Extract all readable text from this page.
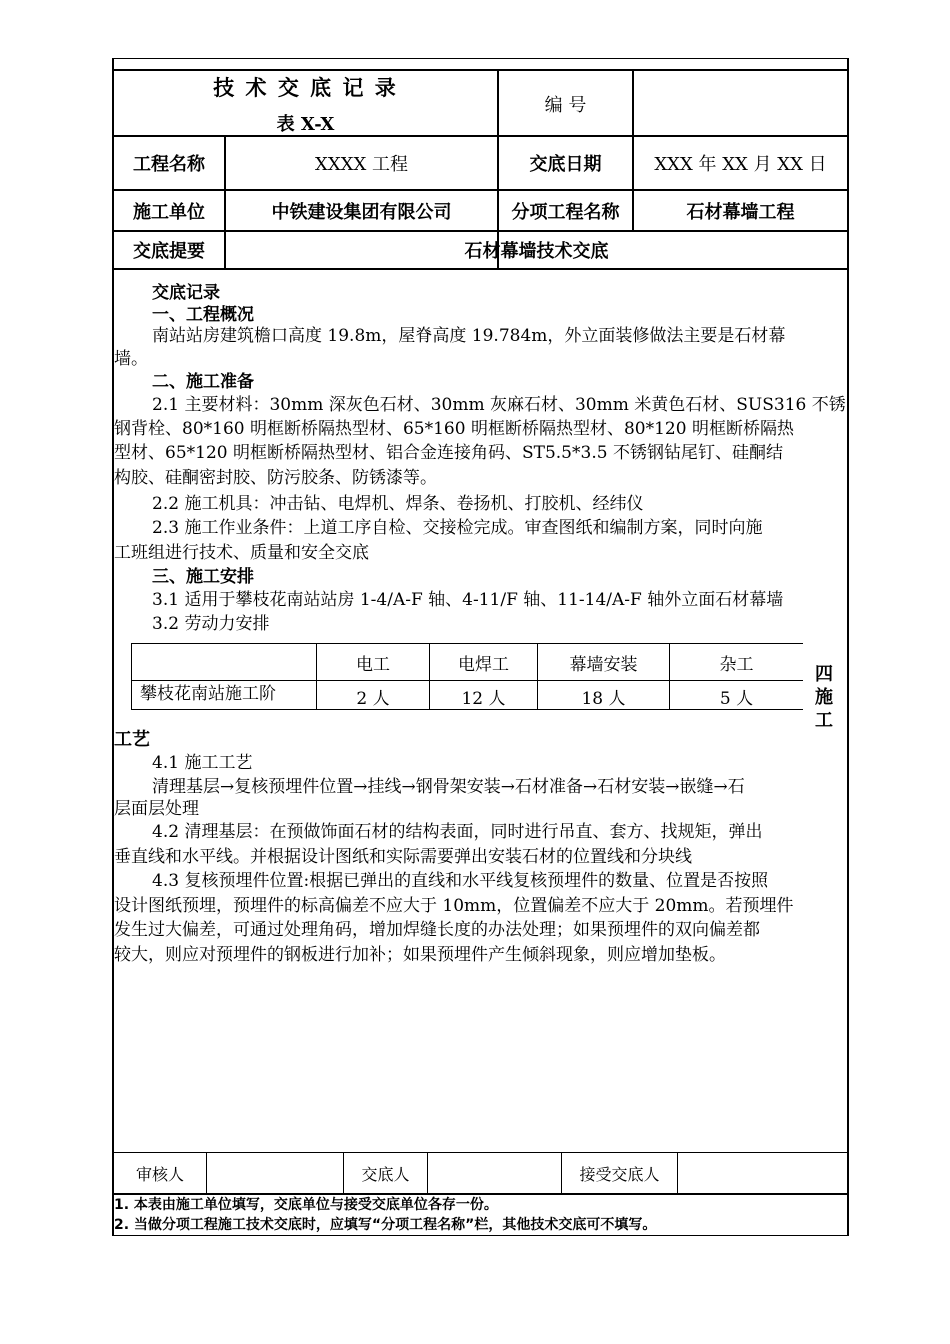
技 术 交 底 记 录
表 X-X
编 号
工程名称	XXXX 工程	交底日期	XXX 年 XX 月 XX 日
施工单位	中铁建设集团有限公司	分项工程名称	石材幕墙工程
交底提要	石材幕墙技术交底
交底记录
一、工程概况
南站站房建筑檐口高度 19.8m，屋脊高度 19.784m，外立面装修做法主要是石材幕
墙。
二、施工准备
2.1 主要材料：30mm 深灰色石材、30mm 灰麻石材、30mm 米黄色石材、SUS316 不锈
钢背栓、80*160 明框断桥隔热型材、65*160 明框断桥隔热型材、80*120 明框断桥隔热
型材、65*120 明框断桥隔热型材、铝合金连接角码、ST5.5*3.5 不锈钢钻尾钉、硅酮结
构胶、硅酮密封胶、防污胶条、防锈漆等。
2.2 施工机具：冲击钻、电焊机、焊条、卷扬机、打胶机、经纬仪
2.3 施工作业条件：上道工序自检、交接检完成。审查图纸和编制方案，同时向施
工班组进行技术、质量和安全交底
三、施工安排
3.1 适用于攀枝花南站站房 1-4/A-F 轴、4-11/F 轴、11-14/A-F 轴外立面石材幕墙
3.2 劳动力安排
	电工	电焊工	幕墙安装	杂工
攀枝花南站施工阶	2 人	12 人	18 人	5 人
四
施
工
工艺
4.1 施工工艺
清理基层→复核预埋件位置→挂线→钢骨架安装→石材准备→石材安装→嵌缝→石
层面层处理
4.2 清理基层：在预做饰面石材的结构表面，同时进行吊直、套方、找规矩，弹出
垂直线和水平线。并根据设计图纸和实际需要弹出安装石材的位置线和分块线
4.3 复核预埋件位置:根据已弹出的直线和水平线复核预埋件的数量、位置是否按照
设计图纸预埋，预埋件的标高偏差不应大于 10mm，位置偏差不应大于 20mm。若预埋件
发生过大偏差，可通过处理角码，增加焊缝长度的办法处理；如果预埋件的双向偏差都
较大，则应对预埋件的钢板进行加补；如果预埋件产生倾斜现象，则应增加垫板。
审核人	交底人	接受交底人
1. 本表由施工单位填写，交底单位与接受交底单位各存一份。
2. 当做分项工程施工技术交底时，应填写“分项工程名称”栏，其他技术交底可不填写。
